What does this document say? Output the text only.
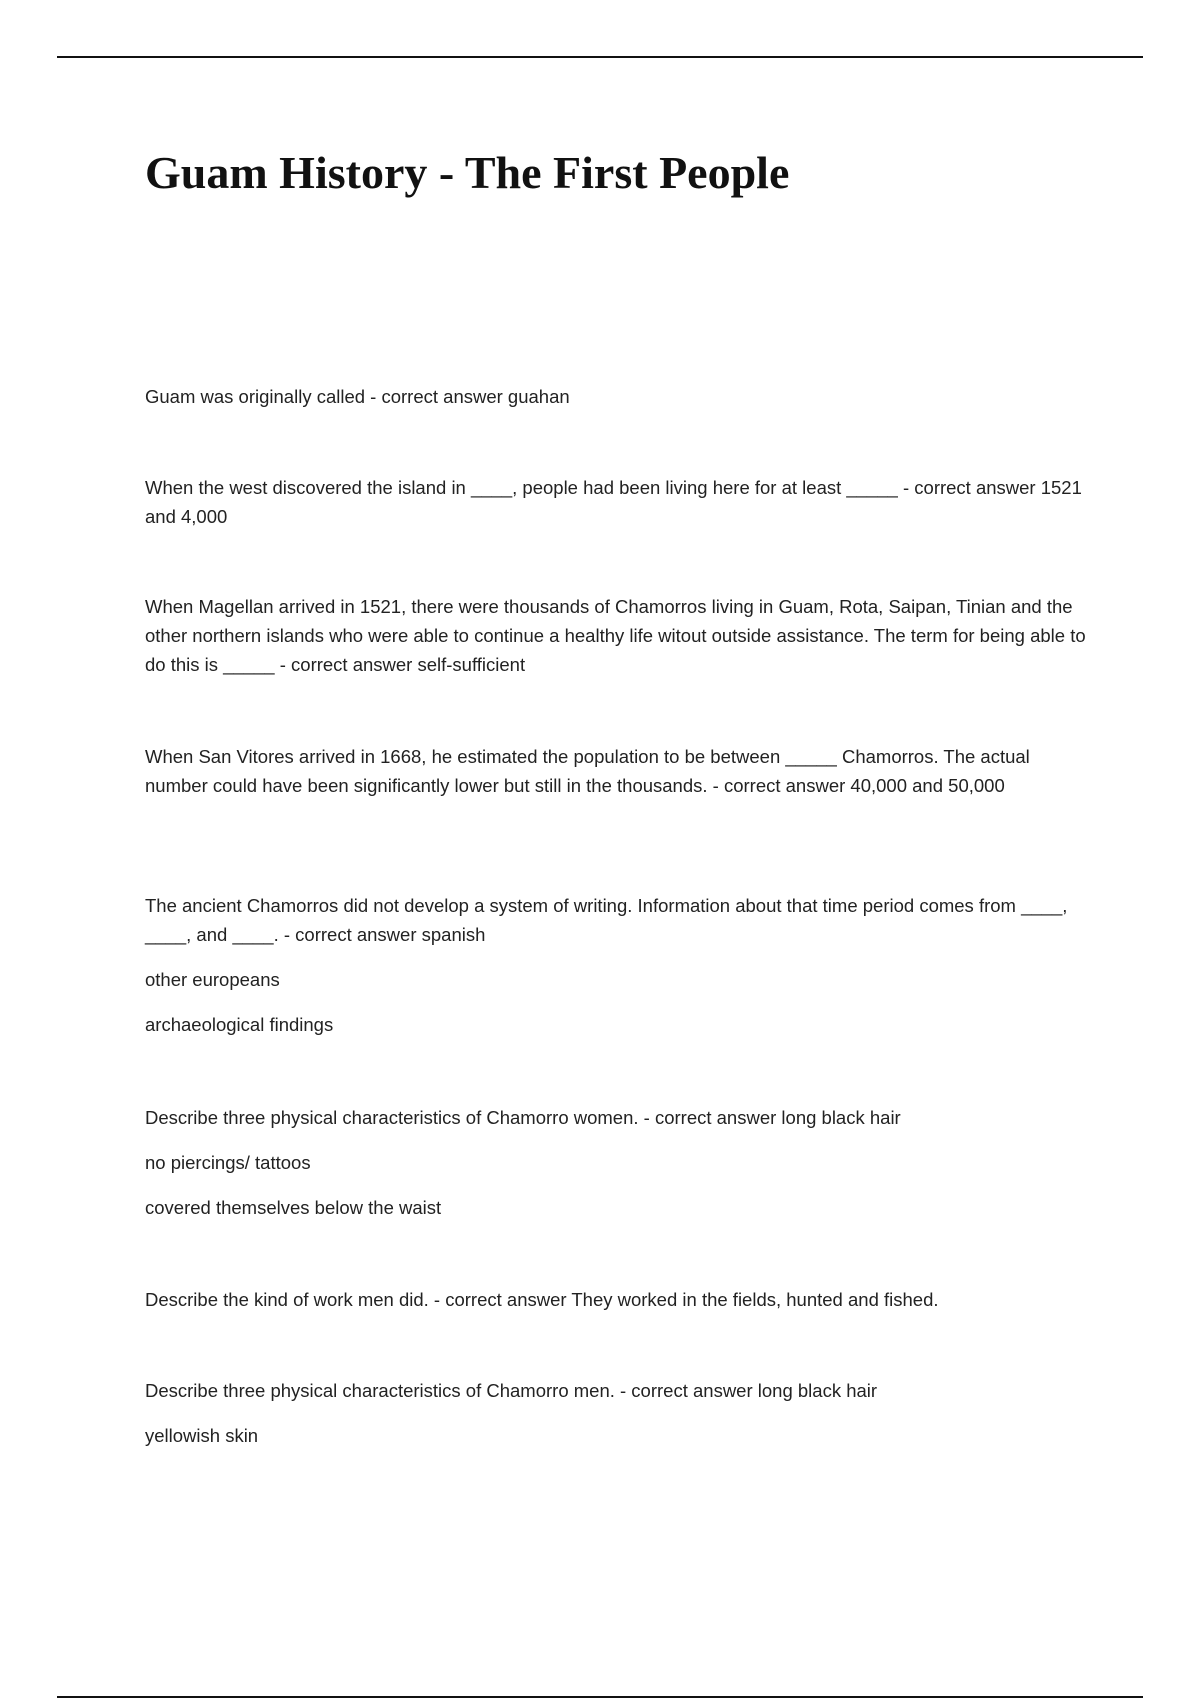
Guam History - The First People

Guam was originally called - correct answer guahan

When the west discovered the island in ____, people had been living here for at least _____ - correct answer 1521 and 4,000

When Magellan arrived in 1521, there were thousands of Chamorros living in Guam, Rota, Saipan, Tinian and the other northern islands who were able to continue a healthy life witout outside assistance. The term for being able to do this is _____ - correct answer self-sufficient

When San Vitores arrived in 1668, he estimated the population to be between _____ Chamorros. The actual number could have been significantly lower but still in the thousands. - correct answer 40,000 and 50,000

The ancient Chamorros did not develop a system of writing. Information about that time period comes from ____, ____, and ____. - correct answer spanish

other europeans

archaeological findings

Describe three physical characteristics of Chamorro women. - correct answer long black hair

no piercings/ tattoos

covered themselves below the waist

Describe the kind of work men did. - correct answer They worked in the fields, hunted and fished.

Describe three physical characteristics of Chamorro men. - correct answer long black hair

yellowish skin
